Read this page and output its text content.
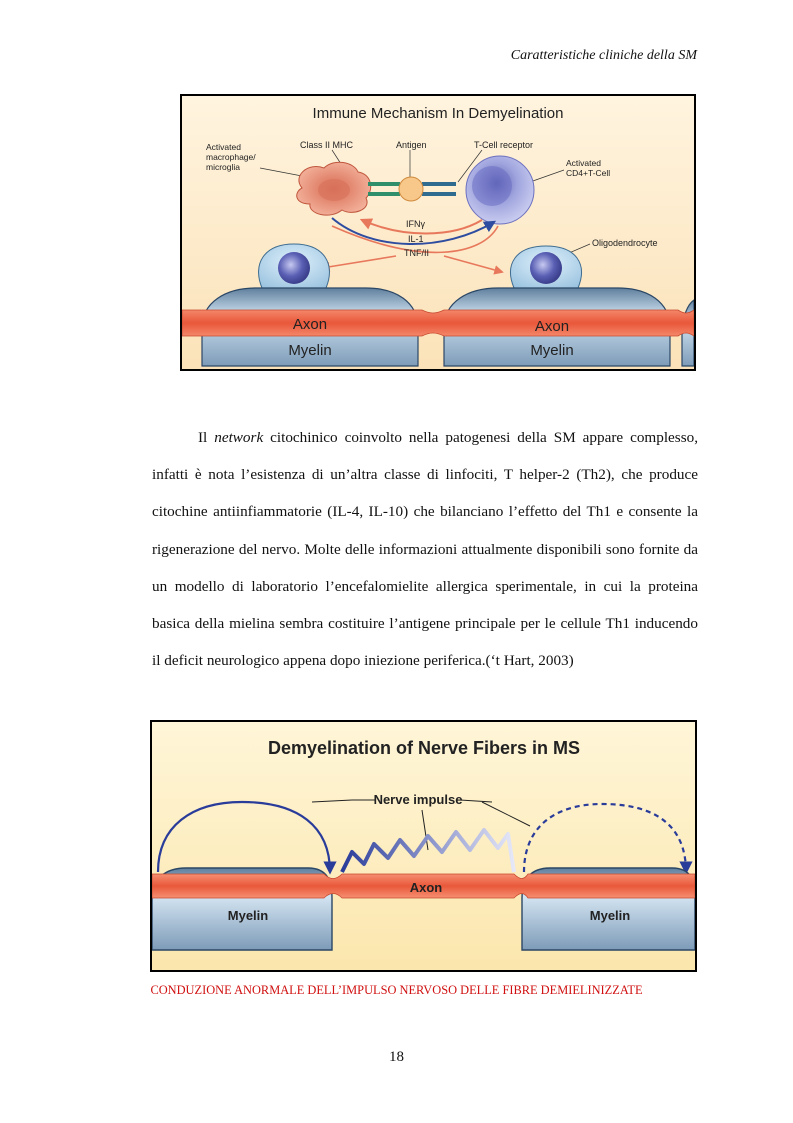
Caratteristiche cliniche della SM
Immune Mechanism In Demyelination
Activated
macrophage/
microglia
Class II MHC	Antigen	T-Cell receptor
Activated
CD4+T-Cell
IFNγ
IL-1
TNF/II
Oligodendrocyte
Axon	Axon
Myelin	Myelin

Il network citochinico coinvolto nella patogenesi della SM appare complesso, infatti è nota l’esistenza di un’altra classe di linfociti, T helper-2 (Th2), che produce citochine antiinfiammatorie (IL-4, IL-10) che bilanciano l’effetto del Th1 e consente la rigenerazione del nervo. Molte delle informazioni attualmente disponibili sono fornite da un modello di laboratorio l’encefalomielite allergica sperimentale, in cui la proteina basica della mielina sembra costituire l’antigene principale per le cellule Th1 inducendo il deficit neurologico appena dopo iniezione periferica.(‘t Hart, 2003)

Demyelination of Nerve Fibers in MS
Nerve impulse
Axon
Myelin	Myelin
CONDUZIONE ANORMALE DELL’IMPULSO NERVOSO DELLE FIBRE DEMIELINIZZATE
18
